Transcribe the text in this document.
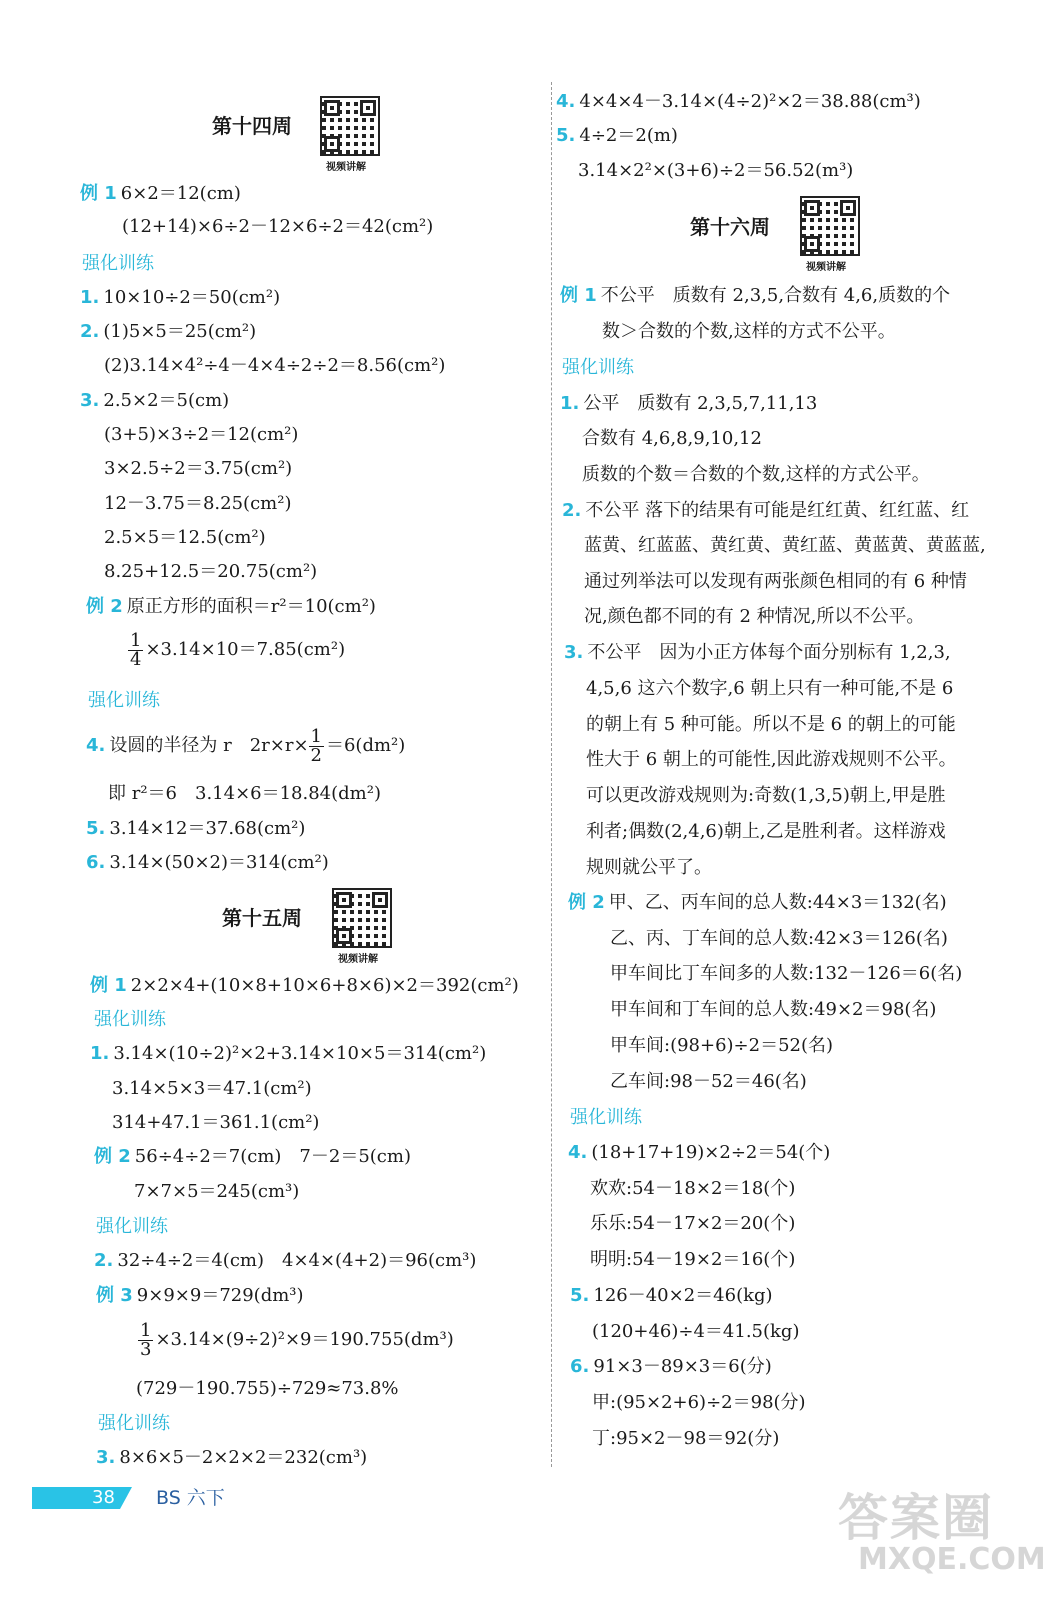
第十四周
视频讲解
例 1 6×2＝12(cm)
(12+14)×6÷2－12×6÷2＝42(cm²)
强化训练
1. 10×10÷2＝50(cm²)
2. (1)5×5＝25(cm²)
(2)3.14×4²÷4－4×4÷2÷2＝8.56(cm²)
3. 2.5×2＝5(cm)
(3+5)×3÷2＝12(cm²)
3×2.5÷2＝3.75(cm²)
12－3.75＝8.25(cm²)
2.5×5＝12.5(cm²)
8.25+12.5＝20.75(cm²)
例 2 原正方形的面积＝r²＝10(cm²)
$\frac{1}{4} \times 3.14\times 10=7.85(cm^2)$
强化训练
4. 设圆的半径为 r　$2r\times r\times \frac{1}{2} =6(dm^2)$
即 r²＝6　3.14×6＝18.84(dm²)
5. 3.14×12＝37.68(cm²)
6. 3.14×(50×2)＝314(cm²)
第十五周
视频讲解
例 1 2×2×4+(10×8+10×6+8×6)×2＝392(cm²)
强化训练
1. 3.14×(10÷2)²×2+3.14×10×5＝314(cm²)
3.14×5×3＝47.1(cm²)
314+47.1＝361.1(cm²)
例 2 56÷4÷2＝7(cm)　7－2＝5(cm)
7×7×5＝245(cm³)
强化训练
2. 32÷4÷2＝4(cm)　4×4×(4+2)＝96(cm³)
例 3 9×9×9＝729(dm³)
$\frac{1}{3} \times 3.14\times(9\div 2)^2\times 9=190.755(dm^3)$
(729－190.755)÷729≈73.8%
强化训练
3. 8×6×5－2×2×2＝232(cm³)
4. 4×4×4－3.14×(4÷2)²×2＝38.88(cm³)
5. 4÷2＝2(m)
3.14×2²×(3+6)÷2＝56.52(m³)
第十六周
视频讲解
例 1 不公平　质数有 2,3,5,合数有 4,6,质数的个
数＞合数的个数,这样的方式不公平。
强化训练
1. 公平　质数有 2,3,5,7,11,13
合数有 4,6,8,9,10,12
质数的个数＝合数的个数,这样的方式公平。
2. 不公平 落下的结果有可能是红红黄、红红蓝、红
蓝黄、红蓝蓝、黄红黄、黄红蓝、黄蓝黄、黄蓝蓝,
通过列举法可以发现有两张颜色相同的有 6 种情
况,颜色都不同的有 2 种情况,所以不公平。
3. 不公平　因为小正方体每个面分别标有 1,2,3,
4,5,6 这六个数字,6 朝上只有一种可能,不是 6
的朝上有 5 种可能。所以不是 6 的朝上的可能
性大于 6 朝上的可能性,因此游戏规则不公平。
可以更改游戏规则为:奇数(1,3,5)朝上,甲是胜
利者;偶数(2,4,6)朝上,乙是胜利者。这样游戏
规则就公平了。
例 2 甲、乙、丙车间的总人数:44×3＝132(名)
乙、丙、丁车间的总人数:42×3＝126(名)
甲车间比丁车间多的人数:132－126＝6(名)
甲车间和丁车间的总人数:49×2＝98(名)
甲车间:(98+6)÷2＝52(名)
乙车间:98－52＝46(名)
强化训练
4. (18+17+19)×2÷2＝54(个)
欢欢:54－18×2＝18(个)
乐乐:54－17×2＝20(个)
明明:54－19×2＝16(个)
5. 126－40×2＝46(kg)
(120+46)÷4＝41.5(kg)
6. 91×3－89×3＝6(分)
甲:(95×2+6)÷2＝98(分)
丁:95×2－98＝92(分)
38 BS 六下	答案圈
MXQE.COM
